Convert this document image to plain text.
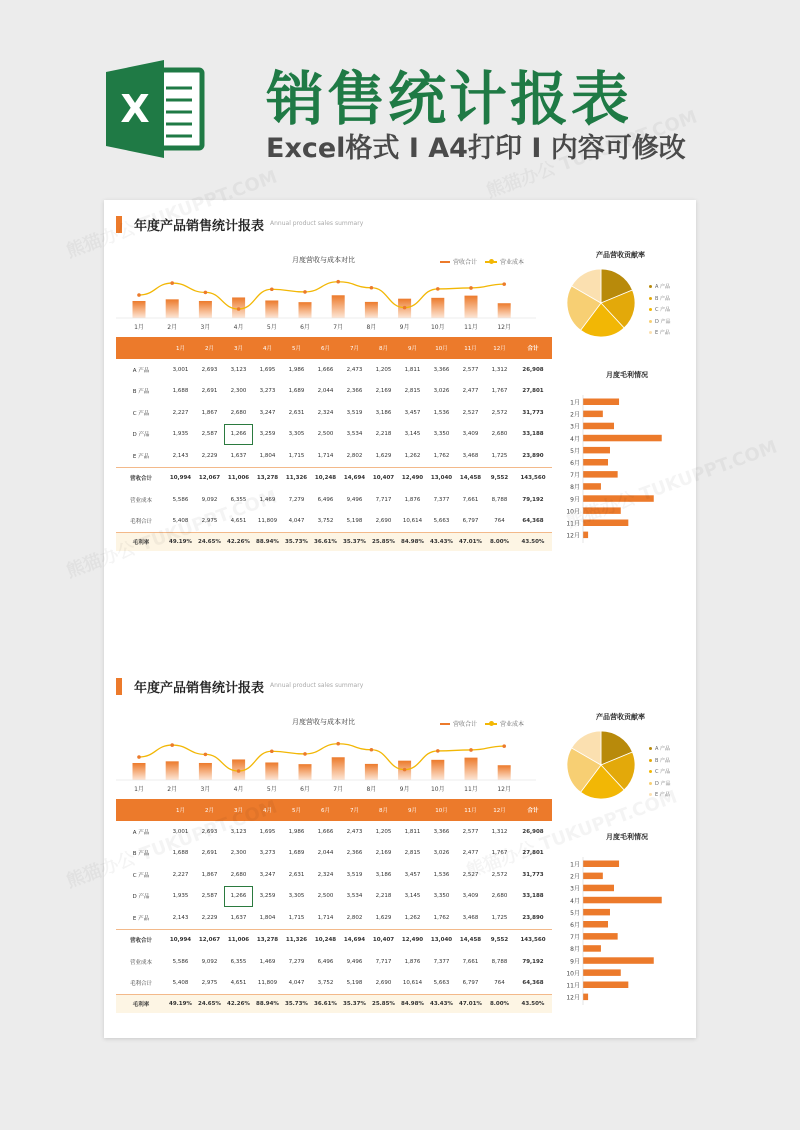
X 销售统计报表
Excel格式 I A4打印 I 内容可修改
年度产品销售统计报表 Annual product sales summary
月度营收与成本对比	营收合计	营业成本
1月	2月	3月	4月	5月	6月	7月	8月	9月	10月	11月	12月
1月	2月	3月	4月	5月	6月	7月	8月	9月	10月	11月	12月	合计
A 产品	3,001	2,693	3,123	1,695	1,986	1,666	2,473	1,205	1,811	3,366	2,577	1,312	26,908
B 产品	1,688	2,691	2,300	3,273	1,689	2,044	2,366	2,169	2,815	3,026	2,477	1,767	27,801
C 产品	2,227	1,867	2,680	3,247	2,631	2,324	3,519	3,186	3,457	1,536	2,527	2,572	31,773
D 产品	1,935	2,587	1,266	3,259	3,305	2,500	3,534	2,218	3,145	3,350	3,409	2,680	33,188
E 产品	2,143	2,229	1,637	1,804	1,715	1,714	2,802	1,629	1,262	1,762	3,468	1,725	23,890
营收合计	10,994	12,067	11,006	13,278	11,326	10,248	14,694	10,407	12,490	13,040	14,458	9,552	143,560
营业成本	5,586	9,092	6,355	1,469	7,279	6,496	9,496	7,717	1,876	7,377	7,661	8,788	79,192
毛利合计	5,408	2,975	4,651	11,809	4,047	3,752	5,198	2,690	10,614	5,663	6,797	764	64,368
毛利率	49.19%	24.65%	42.26%	88.94%	35.73%	36.61%	35.37%	25.85%	84.98%	43.43%	47.01%	8.00%	43.50%
产品营收贡献率
A 产品
B 产品
C 产品
D 产品
E 产品
月度毛利情况
1月
2月
3月
4月
5月
6月
7月
8月
9月
10月
11月
12月
年度产品销售统计报表 Annual product sales summary
月度营收与成本对比	营收合计	营业成本
1月	2月	3月	4月	5月	6月	7月	8月	9月	10月	11月	12月
1月	2月	3月	4月	5月	6月	7月	8月	9月	10月	11月	12月	合计
A 产品	3,001	2,693	3,123	1,695	1,986	1,666	2,473	1,205	1,811	3,366	2,577	1,312	26,908
B 产品	1,688	2,691	2,300	3,273	1,689	2,044	2,366	2,169	2,815	3,026	2,477	1,767	27,801
C 产品	2,227	1,867	2,680	3,247	2,631	2,324	3,519	3,186	3,457	1,536	2,527	2,572	31,773
D 产品	1,935	2,587	1,266	3,259	3,305	2,500	3,534	2,218	3,145	3,350	3,409	2,680	33,188
E 产品	2,143	2,229	1,637	1,804	1,715	1,714	2,802	1,629	1,262	1,762	3,468	1,725	23,890
营收合计	10,994	12,067	11,006	13,278	11,326	10,248	14,694	10,407	12,490	13,040	14,458	9,552	143,560
营业成本	5,586	9,092	6,355	1,469	7,279	6,496	9,496	7,717	1,876	7,377	7,661	8,788	79,192
毛利合计	5,408	2,975	4,651	11,809	4,047	3,752	5,198	2,690	10,614	5,663	6,797	764	64,368
毛利率	49.19%	24.65%	42.26%	88.94%	35.73%	36.61%	35.37%	25.85%	84.98%	43.43%	47.01%	8.00%	43.50%
产品营收贡献率
A 产品
B 产品
C 产品
D 产品
E 产品
月度毛利情况
1月
2月
3月
4月
5月
6月
7月
8月
9月
10月
11月
12月
